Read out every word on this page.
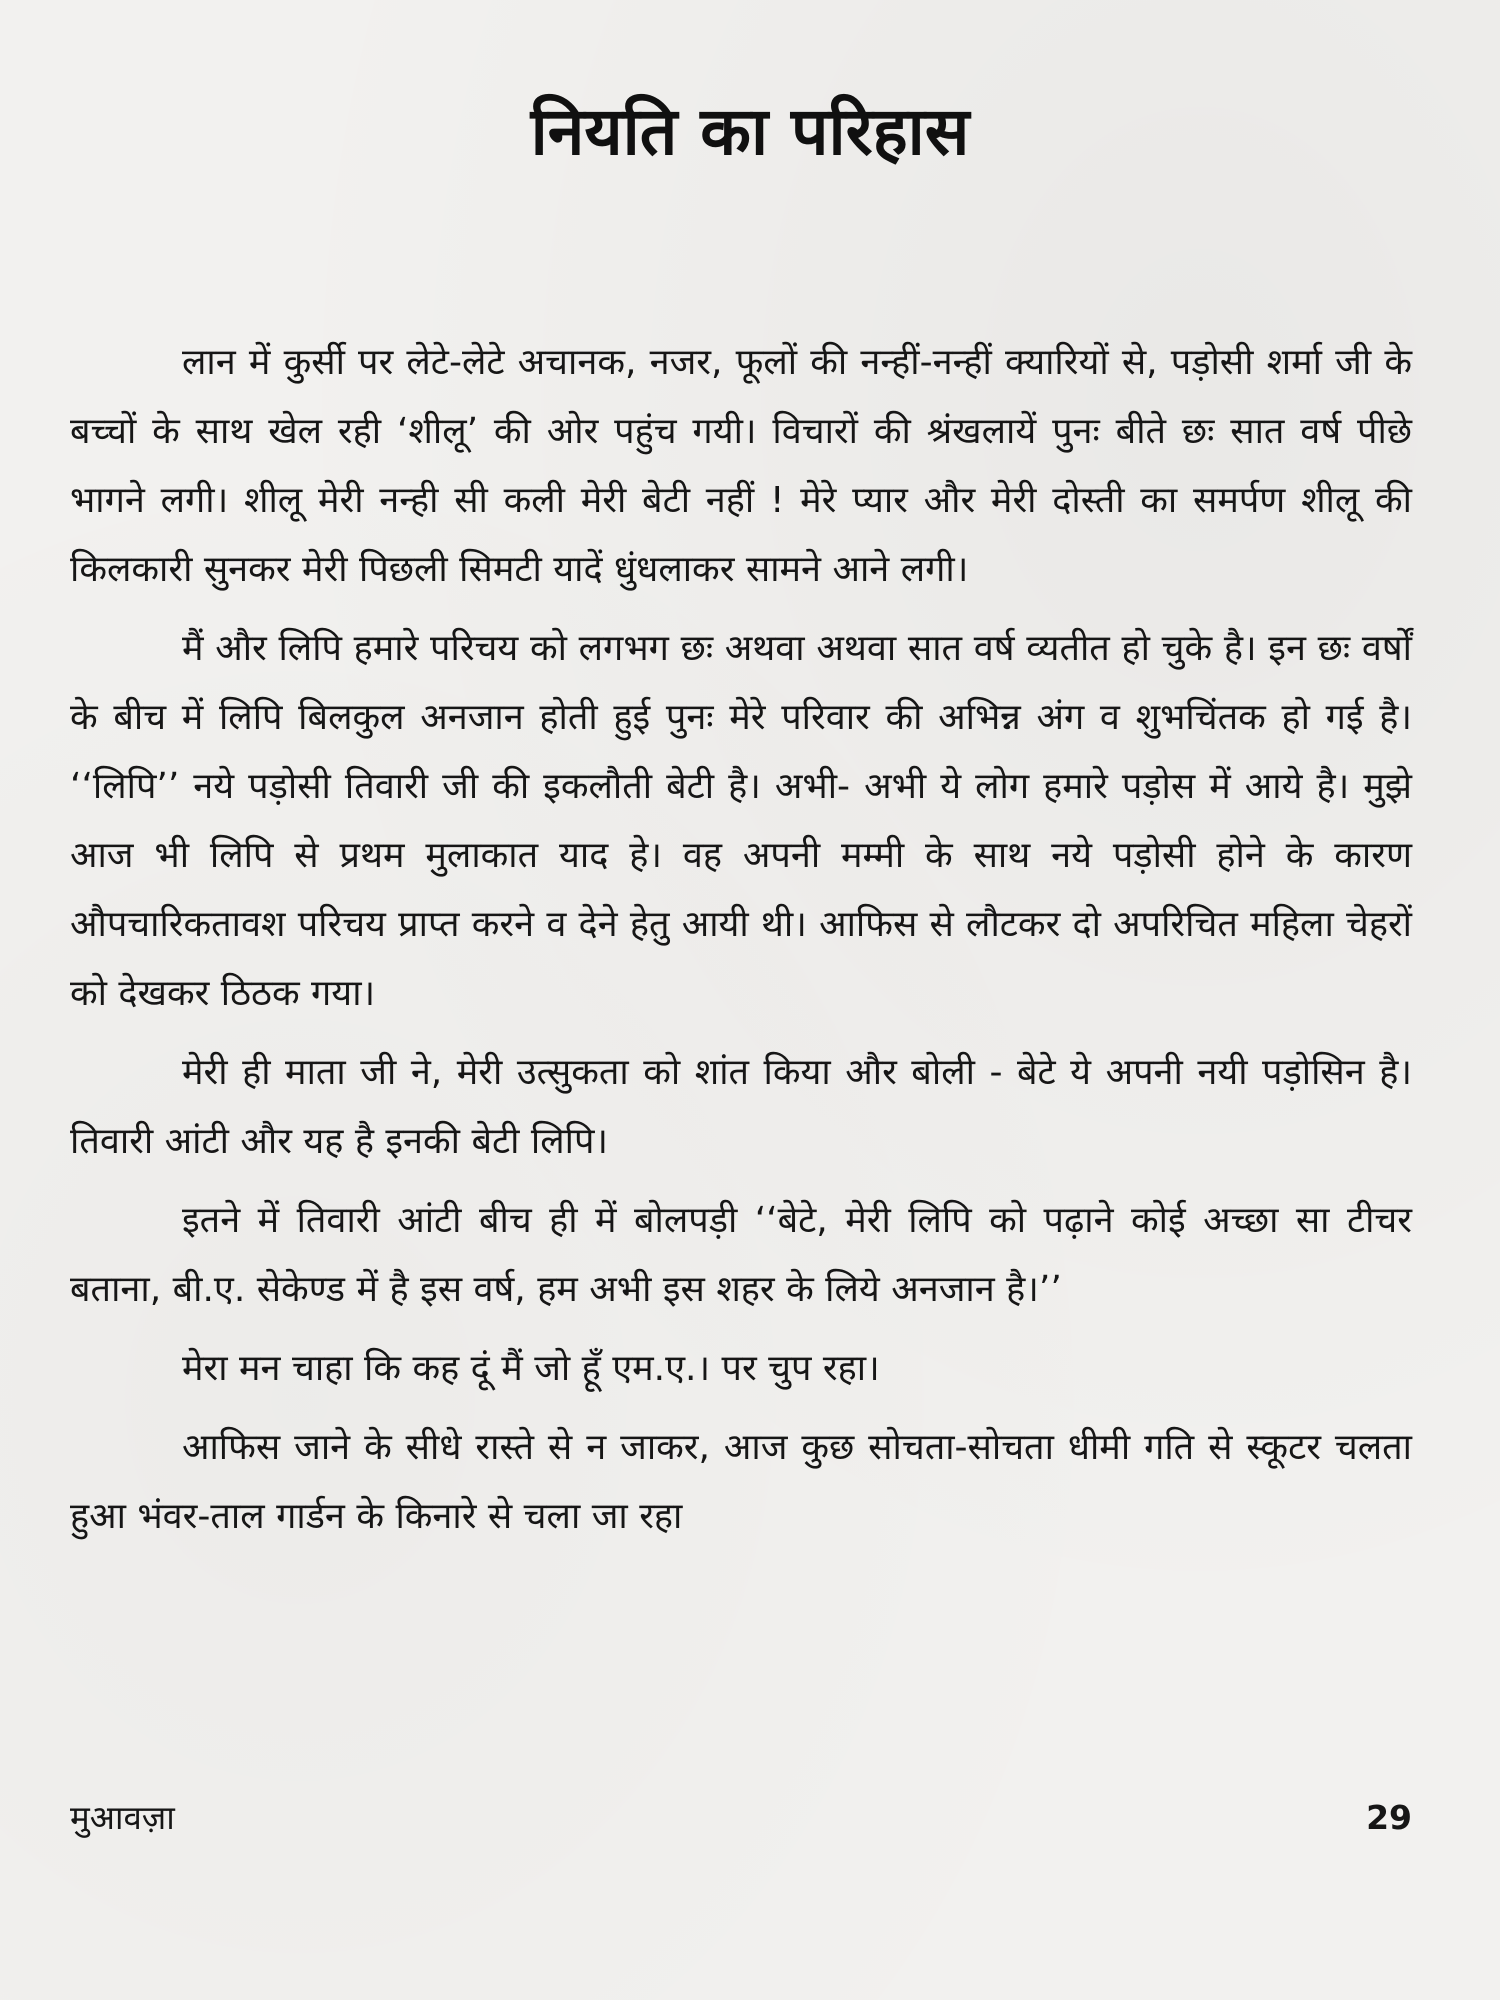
नियति का परिहास

लान में कुर्सी पर लेटे-लेटे अचानक, नजर, फूलों की नन्हीं-नन्हीं क्यारियों से, पड़ोसी शर्मा जी के बच्चों के साथ खेल रही ‘शीलू’ की ओर पहुंच गयी। विचारों की श्रंखलायें पुनः बीते छः सात वर्ष पीछे भागने लगी। शीलू मेरी नन्ही सी कली मेरी बेटी नहीं ! मेरे प्यार और मेरी दोस्ती का समर्पण शीलू की किलकारी सुनकर मेरी पिछली सिमटी यादें धुंधलाकर सामने आने लगी।

मैं और लिपि हमारे परिचय को लगभग छः अथवा अथवा सात वर्ष व्यतीत हो चुके है। इन छः वर्षों के बीच में लिपि बिलकुल अनजान होती हुई पुनः मेरे परिवार की अभिन्न अंग व शुभचिंतक हो गई है। ‘‘लिपि’’ नये पड़ोसी तिवारी जी की इकलौती बेटी है। अभी- अभी ये लोग हमारे पड़ोस में आये है। मुझे आज भी लिपि से प्रथम मुलाकात याद हे। वह अपनी मम्मी के साथ नये पड़ोसी होने के कारण औपचारिकतावश परिचय प्राप्त करने व देने हेतु आयी थी। आफिस से लौटकर दो अपरिचित महिला चेहरों को देखकर ठिठक गया।

मेरी ही माता जी ने, मेरी उत्सुकता को शांत किया और बोली - बेटे ये अपनी नयी पड़ोसिन है। तिवारी आंटी और यह है इनकी बेटी लिपि।

इतने में तिवारी आंटी बीच ही में बोलपड़ी ‘‘बेटे, मेरी लिपि को पढ़ाने कोई अच्छा सा टीचर बताना, बी.ए. सेकेण्ड में है इस वर्ष, हम अभी इस शहर के लिये अनजान है।’’

मेरा मन चाहा कि कह दूं मैं जो हूँ एम.ए.। पर चुप रहा।

आफिस जाने के सीधे रास्ते से न जाकर, आज कुछ सोचता-सोचता धीमी गति से स्कूटर चलता हुआ भंवर-ताल गार्डन के किनारे से चला जा रहा

मुआवज़ा	29
